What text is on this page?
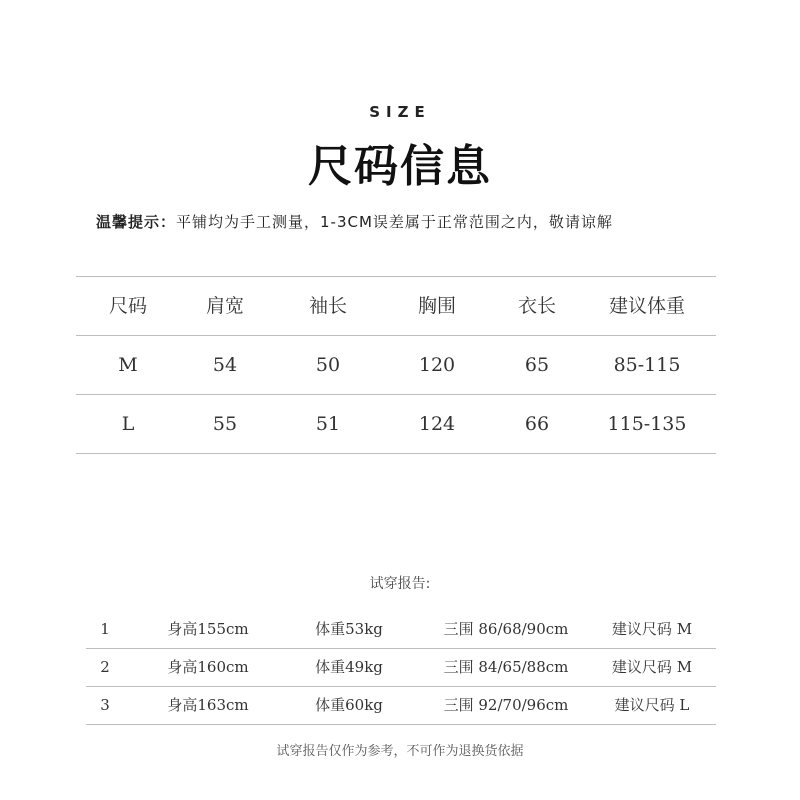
SIZE
尺码信息
温馨提示：平铺均为手工测量，1-3CM误差属于正常范围之内，敬请谅解
尺码	肩宽	袖长	胸围	衣长	建议体重
M	54	50	120	65	85-115
L	55	51	124	66	115-135
试穿报告:
1	身高155cm	体重53kg	三围 86/68/90cm	建议尺码 M
2	身高160cm	体重49kg	三围 84/65/88cm	建议尺码 M
3	身高163cm	体重60kg	三围 92/70/96cm	建议尺码 L
试穿报告仅作为参考，不可作为退换货依据
